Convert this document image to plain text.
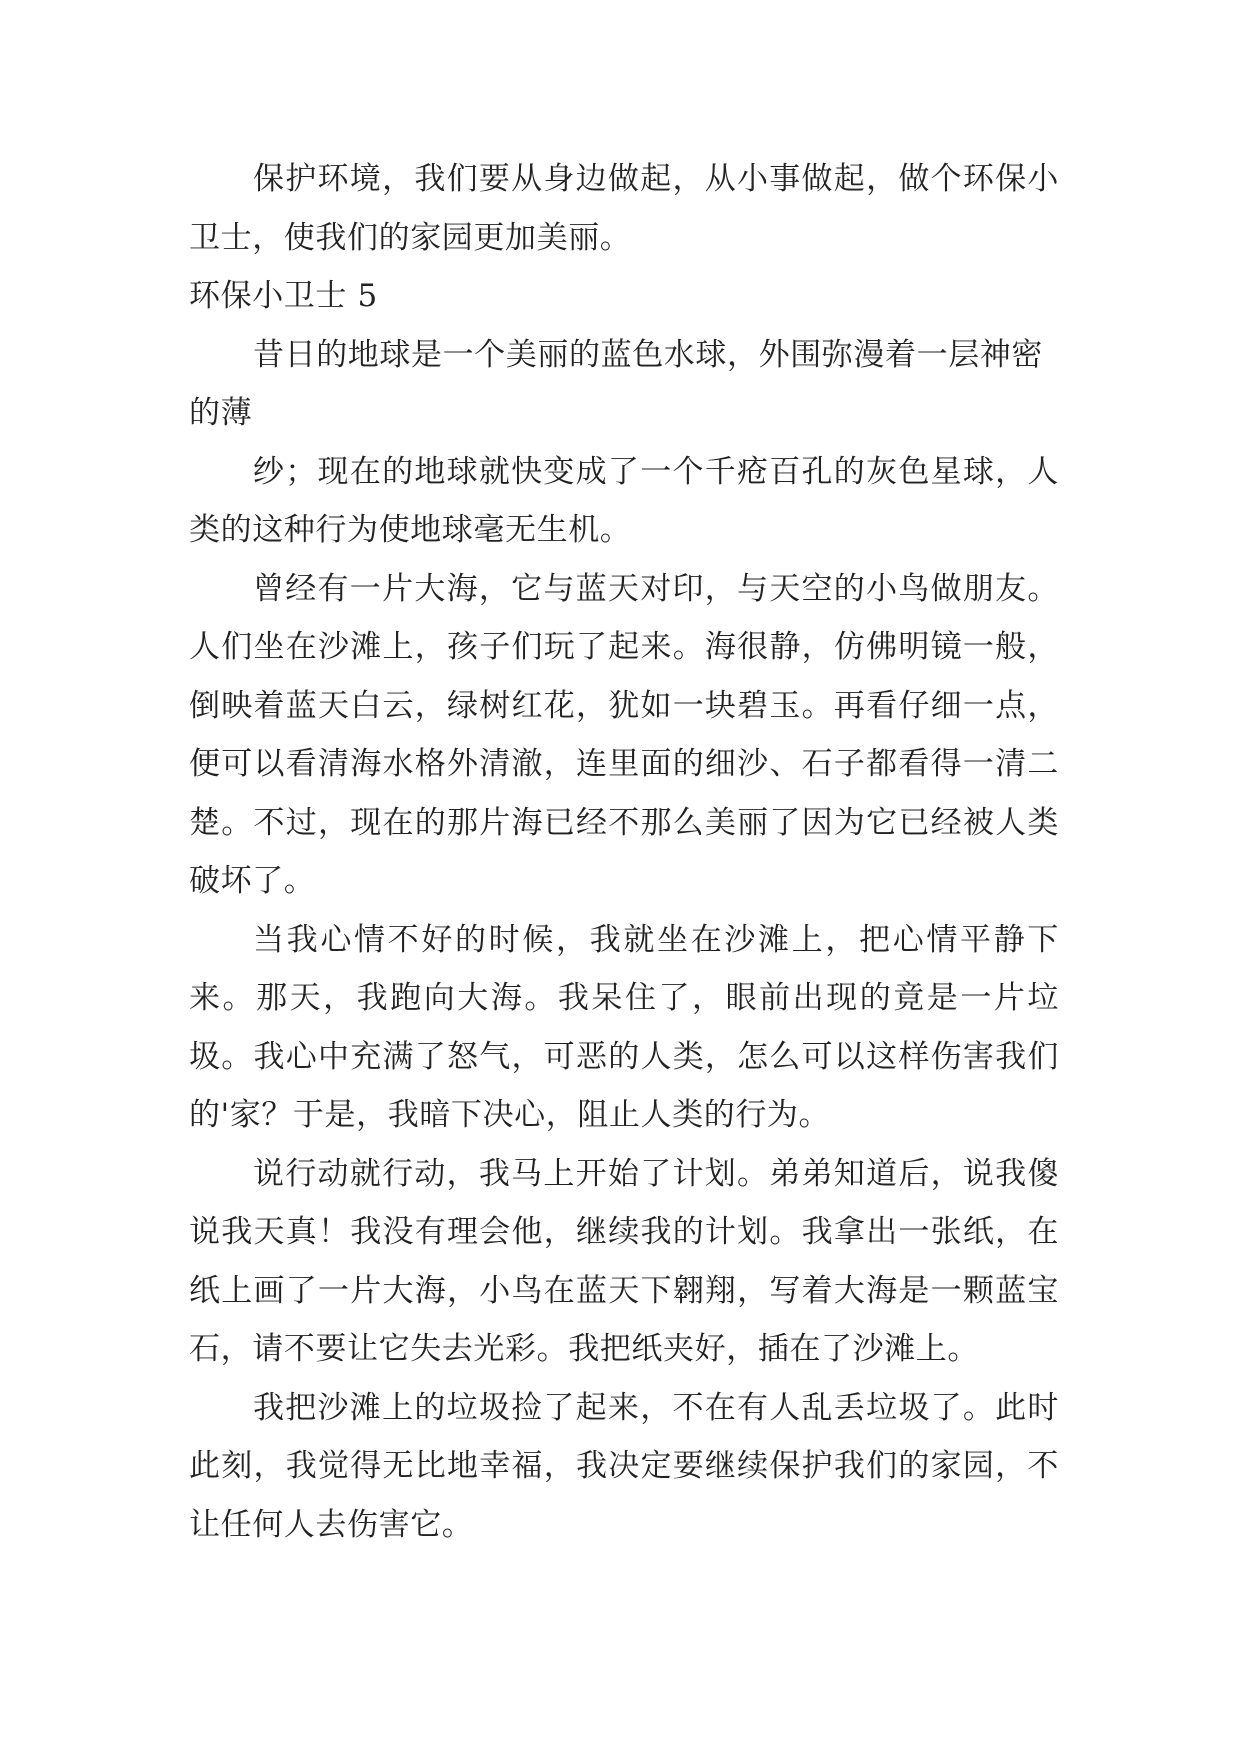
保护环境，我们要从身边做起，从小事做起，做个环保小卫士，使我们的家园更加美丽。

环保小卫士 5

昔日的地球是一个美丽的蓝色水球，外围弥漫着一层神密的薄

纱；现在的地球就快变成了一个千疮百孔的灰色星球，人类的这种行为使地球毫无生机。

曾经有一片大海，它与蓝天对印，与天空的小鸟做朋友。人们坐在沙滩上，孩子们玩了起来。海很静，仿佛明镜一般，倒映着蓝天白云，绿树红花，犹如一块碧玉。再看仔细一点，便可以看清海水格外清澈，连里面的细沙、石子都看得一清二楚。不过，现在的那片海已经不那么美丽了因为它已经被人类破坏了。

当我心情不好的时候，我就坐在沙滩上，把心情平静下来。那天，我跑向大海。我呆住了，眼前出现的竟是一片垃圾。我心中充满了怒气，可恶的人类，怎么可以这样伤害我们的'家？于是，我暗下决心，阻止人类的行为。

说行动就行动，我马上开始了计划。弟弟知道后，说我傻说我天真！我没有理会他，继续我的计划。我拿出一张纸，在纸上画了一片大海，小鸟在蓝天下翱翔，写着大海是一颗蓝宝石，请不要让它失去光彩。我把纸夹好，插在了沙滩上。

我把沙滩上的垃圾捡了起来，不在有人乱丢垃圾了。此时此刻，我觉得无比地幸福，我决定要继续保护我们的家园，不让任何人去伤害它。
